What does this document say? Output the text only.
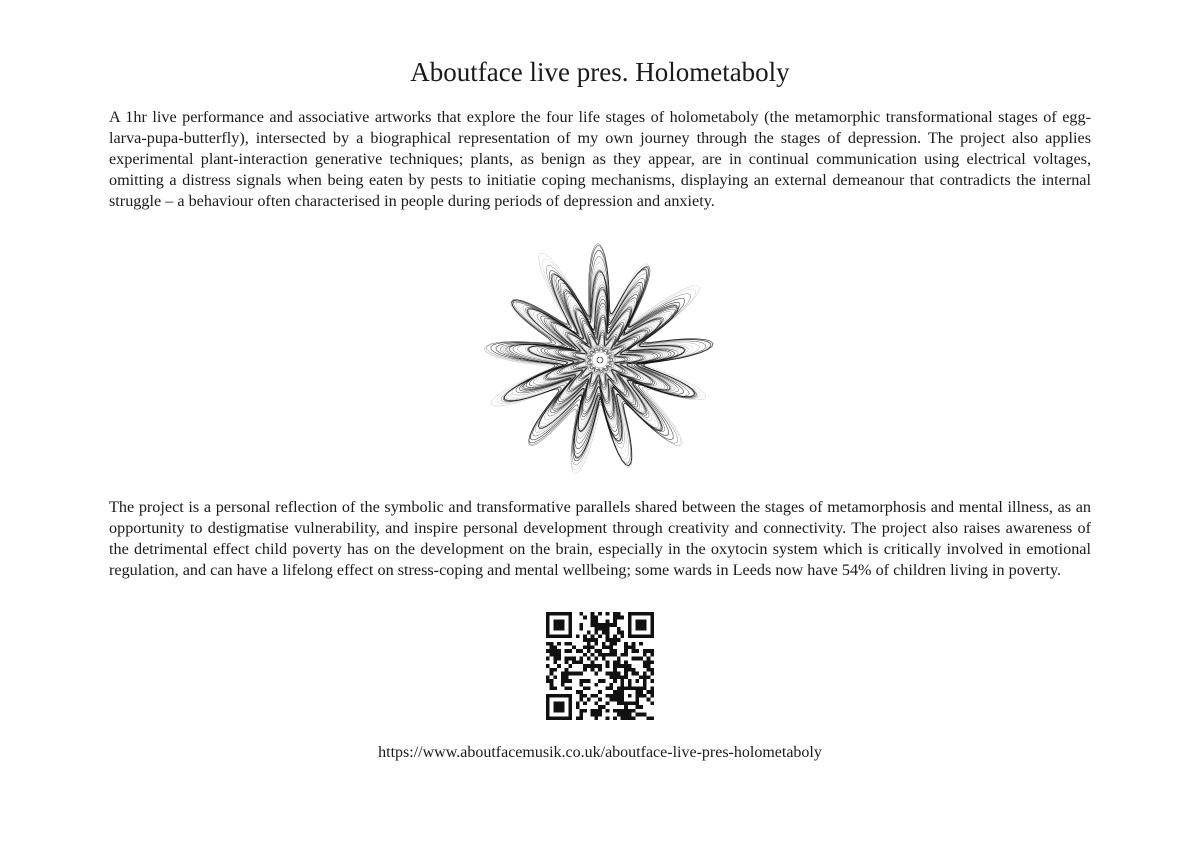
Aboutface live pres. Holometaboly

A 1hr live performance and associative artworks that explore the four life stages of holometaboly (the metamorphic transformational stages of egg-larva-pupa-butterfly), intersected by a biographical representation of my own journey through the stages of depression. The project also applies experimental plant-interaction generative techniques; plants, as benign as they appear, are in continual communication using electrical voltages, omitting a distress signals when being eaten by pests to initiatie coping mechanisms, displaying an external demeanour that contradicts the internal struggle – a behaviour often characterised in people during periods of depression and anxiety.

The project is a personal reflection of the symbolic and transformative parallels shared between the stages of metamorphosis and mental illness, as an opportunity to destigmatise vulnerability, and inspire personal development through creativity and connectivity. The project also raises awareness of the detrimental effect child poverty has on the development on the brain, especially in the oxytocin system which is critically involved in emotional regulation, and can have a lifelong effect on stress-coping and mental wellbeing; some wards in Leeds now have 54% of children living in poverty.

https://www.aboutfacemusik.co.uk/aboutface-live-pres-holometaboly
